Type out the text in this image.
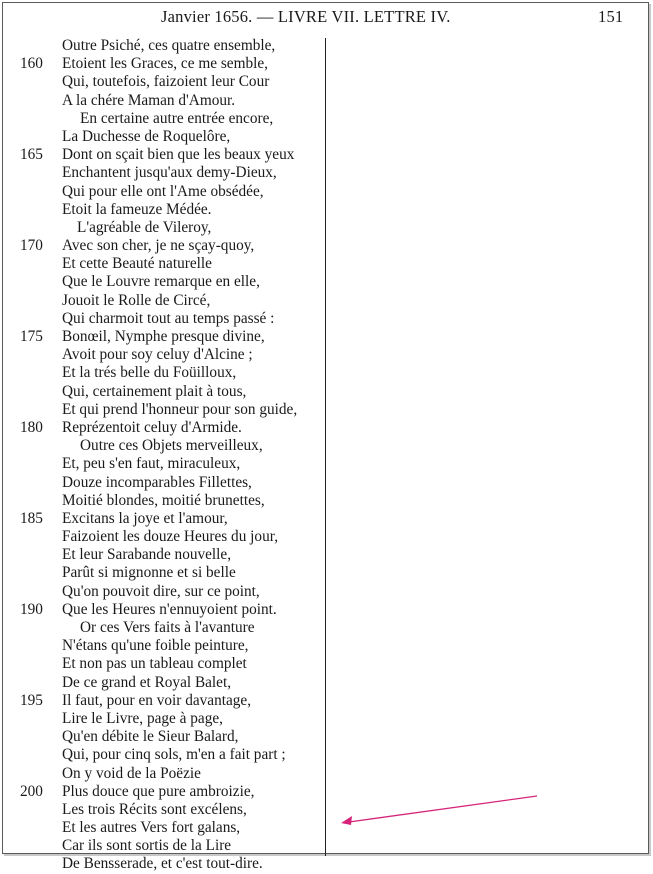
Janvier 1656. — LIVRE VII. LETTRE IV.	151
Outre Psiché, ces quatre ensemble,
160	Etoient les Graces, ce me semble,
Qui, toutefois, faizoient leur Cour
A la chére Maman d'Amour.
En certaine autre entrée encore,
La Duchesse de Roquelôre,
165	Dont on sçait bien que les beaux yeux
Enchantent jusqu'aux demy-Dieux,
Qui pour elle ont l'Ame obsédée,
Etoit la fameuze Médée.
L'agréable de Vileroy,
170	Avec son cher, je ne sçay-quoy,
Et cette Beauté naturelle
Que le Louvre remarque en elle,
Jouoit le Rolle de Circé,
Qui charmoit tout au temps passé :
175	Bonœil, Nymphe presque divine,
Avoit pour soy celuy d'Alcine ;
Et la trés belle du Foüilloux,
Qui, certainement plait à tous,
Et qui prend l'honneur pour son guide,
180	Reprézentoit celuy d'Armide.
Outre ces Objets merveilleux,
Et, peu s'en faut, miraculeux,
Douze incomparables Fillettes,
Moitié blondes, moitié brunettes,
185	Excitans la joye et l'amour,
Faizoient les douze Heures du jour,
Et leur Sarabande nouvelle,
Parût si mignonne et si belle
Qu'on pouvoit dire, sur ce point,
190	Que les Heures n'ennuyoient point.
Or ces Vers faits à l'avanture
N'étans qu'une foible peinture,
Et non pas un tableau complet
De ce grand et Royal Balet,
195	Il faut, pour en voir davantage,
Lire le Livre, page à page,
Qu'en débite le Sieur Balard,
Qui, pour cinq sols, m'en a fait part ;
On y void de la Poëzie
200	Plus douce que pure ambroizie,
Les trois Récits sont excélens,
Et les autres Vers fort galans,
Car ils sont sortis de la Lire
De Bensserade, et c'est tout-dire.
